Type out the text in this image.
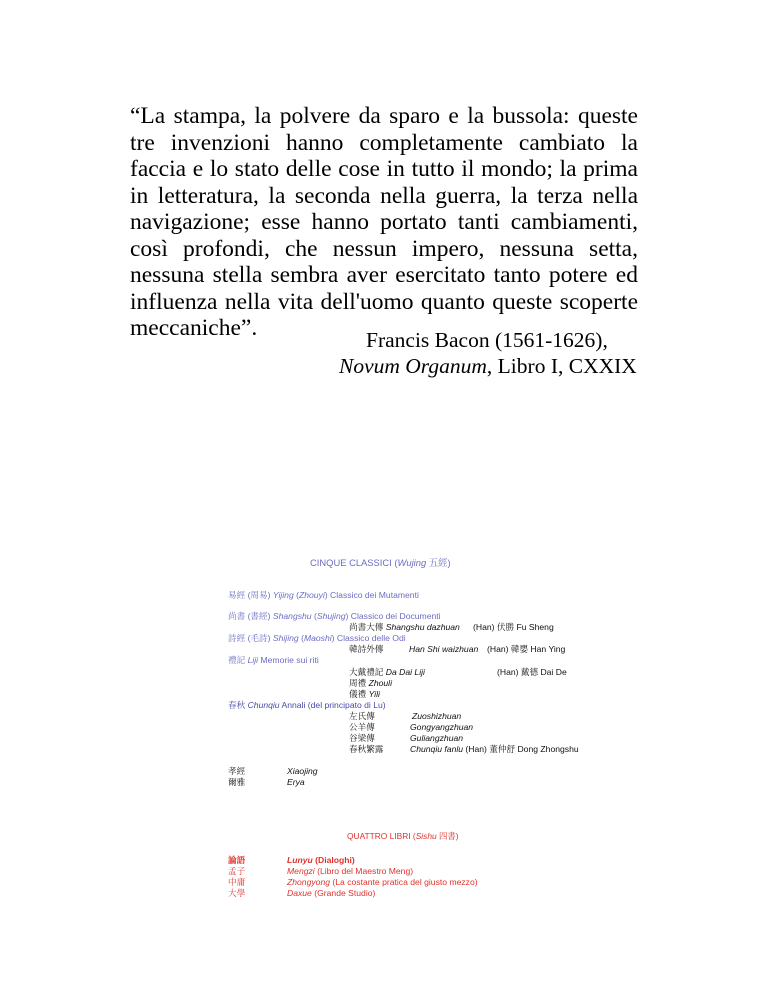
“La stampa, la polvere da sparo e la bussola: queste
tre invenzioni hanno completamente cambiato la
faccia e lo stato delle cose in tutto il mondo; la prima
in letteratura, la seconda nella guerra, la terza nella
navigazione; esse hanno portato tanti cambiamenti,
così profondi, che nessun impero, nessuna setta,
nessuna stella sembra aver esercitato tanto potere ed
influenza nella vita dell'uomo quanto queste scoperte
meccaniche”.	Francis Bacon (1561-1626),
Novum Organum, Libro I, CXXIX
CINQUE CLASSICI (Wujing 五經)
易經 (周易) Yijing (Zhouyi) Classico dei Mutamenti
尚書 (書經) Shangshu (Shujing) Classico dei Documenti
尚書大傳 Shangshu dazhuan (Han) 伏勝 Fu Sheng
詩經 (毛詩) Shijing (Maoshi) Classico delle Odi
韓詩外傳	Han Shi waizhuan (Han) 韓嬰 Han Ying
禮記 Liji Memorie sui riti
大戴禮記 Da Dai Liji	(Han) 戴德 Dai De
周禮 Zhouli
儀禮 Yili
春秋 Chunqiu Annali (del principato di Lu)
左氏傳	Zuoshizhuan
公羊傳	Gongyangzhuan
谷梁傳	Guliangzhuan
春秋繁露	Chunqiu fanlu (Han) 董仲舒 Dong Zhongshu
孝經	Xiaojing
爾雅	Erya
QUATTRO LIBRI (Sishu 四書)
論語	Lunyu (Dialoghi)
孟子	Mengzi (Libro del Maestro Meng)
中庸	Zhongyong (La costante pratica del giusto mezzo)
大學	Daxue (Grande Studio)
